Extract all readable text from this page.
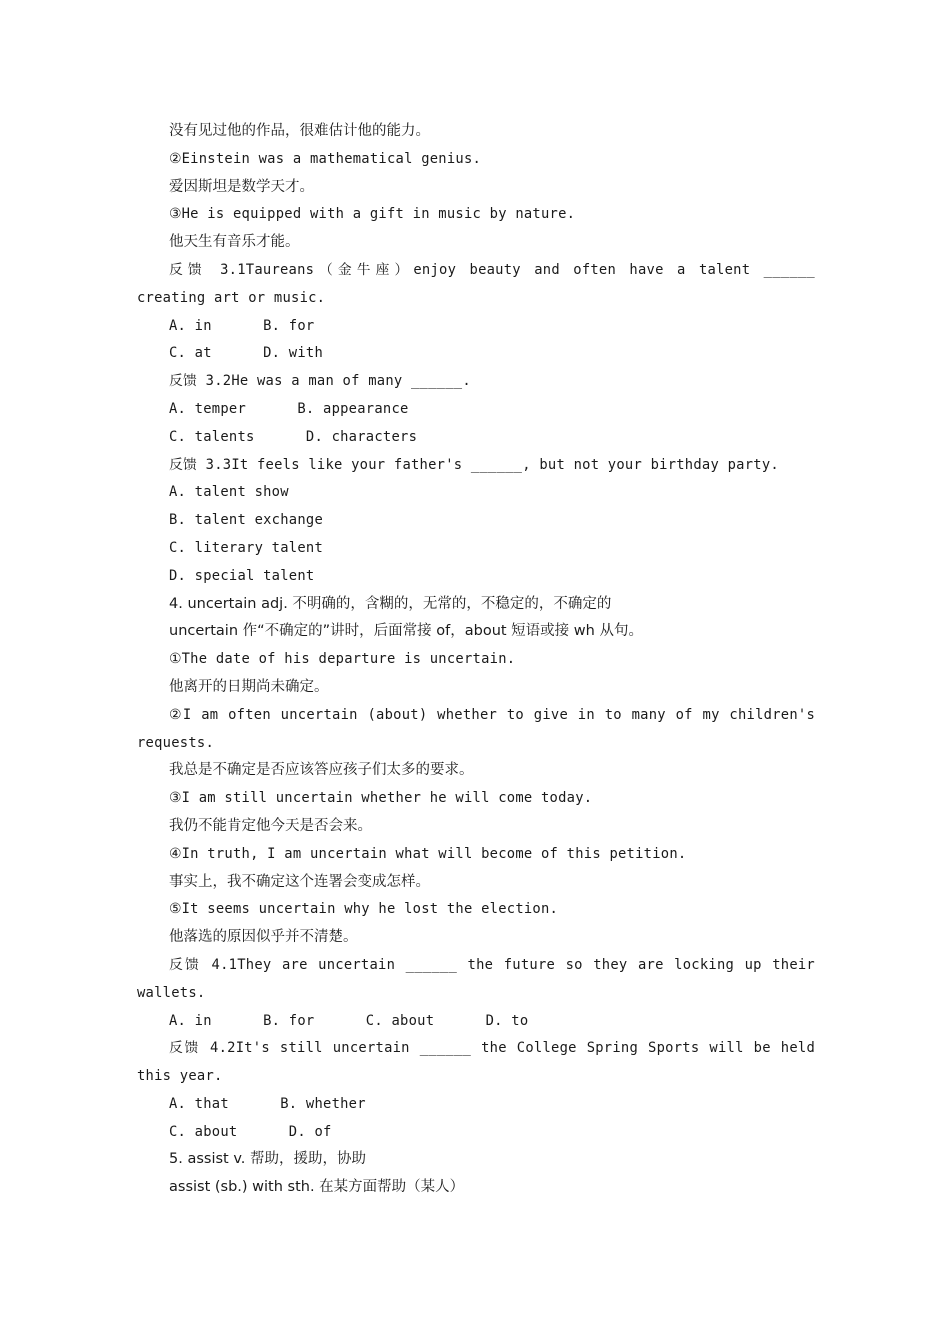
没有见过他的作品，很难估计他的能力。
②Einstein was a mathematical genius.
爱因斯坦是数学天才。
③He is equipped with a gift in music by nature.
他天生有音乐才能。
反馈 3.1Taureans（金牛座）enjoy beauty and often have a talent ______
creating art or music.
A. in      B. for
C. at      D. with
反馈 3.2He was a man of many ______.
A. temper      B. appearance
C. talents      D. characters
反馈 3.3It feels like your father's ______, but not your birthday party.
A. talent show
B. talent exchange
C. literary talent
D. special talent
4. uncertain adj. 不明确的，含糊的，无常的，不稳定的，不确定的
uncertain 作“不确定的”讲时，后面常接 of，about 短语或接 wh 从句。
①The date of his departure is uncertain.
他离开的日期尚未确定。
②I am often uncertain (about) whether to give in to many of my children's
requests.
我总是不确定是否应该答应孩子们太多的要求。
③I am still uncertain whether he will come today.
我仍不能肯定他今天是否会来。
④In truth, I am uncertain what will become of this petition.
事实上，我不确定这个连署会变成怎样。
⑤It seems uncertain why he lost the election.
他落选的原因似乎并不清楚。
反馈 4.1They are uncertain ______ the future so they are locking up their
wallets.
A. in      B. for      C. about      D. to
反馈 4.2It's still uncertain ______ the College Spring Sports will be held
this year.
A. that      B. whether
C. about      D. of
5. assist v. 帮助，援助，协助
assist (sb.) with sth. 在某方面帮助（某人）
